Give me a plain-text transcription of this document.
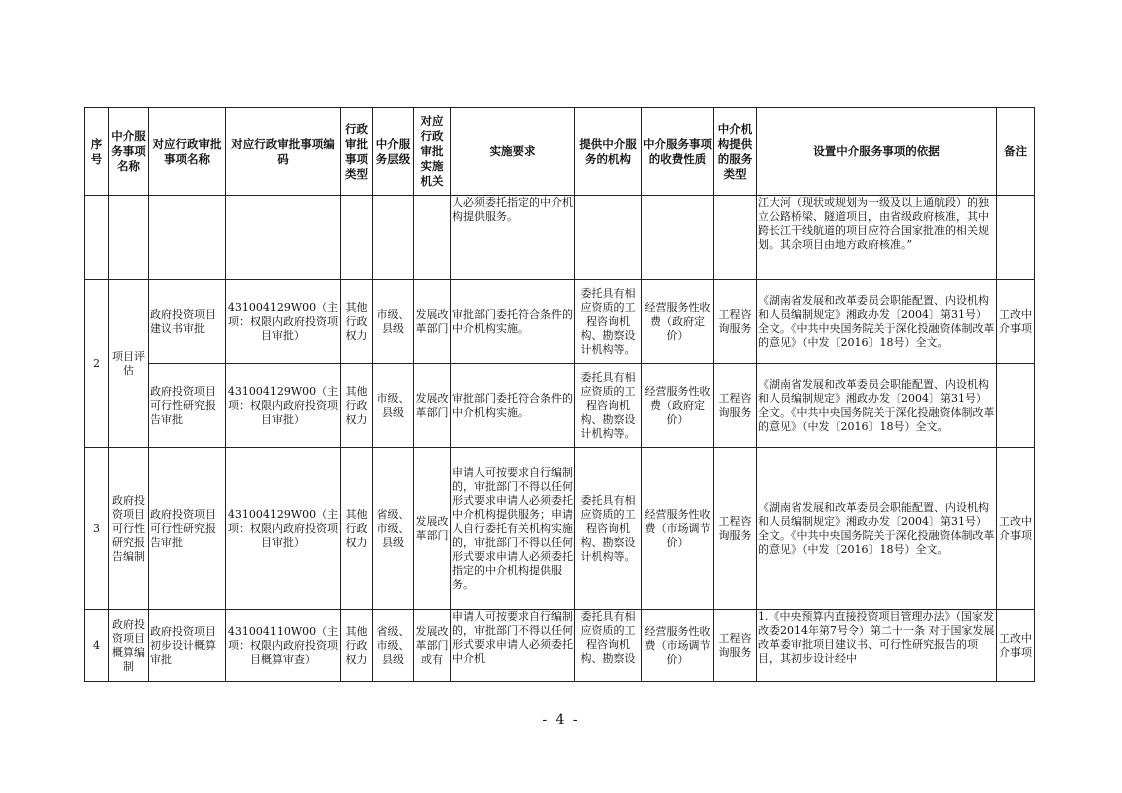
序号	中介服务事项名称	对应行政审批事项名称	对应行政审批事项编码	行政审批事项类型	中介服务层级	对应行政审批实施机关	实施要求	提供中介服务的机构	中介服务事项的收费性质	中介机构提供的服务类型	设置中介服务事项的依据	备注
							人必须委托指定的中介机构提供服务。				江大河（现状或规划为一级及以上通航段）的独立公路桥梁、隧道项目，由省级政府核准，其中跨长江干线航道的项目应符合国家批准的相关规划。其余项目由地方政府核准。”	
2	项目评估	政府投资项目建议书审批	431004129W00（主项：权限内政府投资项目审批）	其他行政权力	市级、县级	发展改革部门	审批部门委托符合条件的中介机构实施。	委托具有相应资质的工程咨询机构、勘察设计机构等。	经营服务性收费（政府定价）	工程咨询服务	《湖南省发展和改革委员会职能配置、内设机构和人员编制规定》湘政办发〔2004〕第31号）全文。《中共中央国务院关于深化投融资体制改革的意见》（中发〔2016〕18号）全文。	工改中介事项
		政府投资项目可行性研究报告审批	431004129W00（主项：权限内政府投资项目审批）	其他行政权力	市级、县级	发展改革部门	审批部门委托符合条件的中介机构实施。	委托具有相应资质的工程咨询机构、勘察设计机构等。	经营服务性收费（政府定价）	工程咨询服务	《湖南省发展和改革委员会职能配置、内设机构和人员编制规定》湘政办发〔2004〕第31号）全文。《中共中央国务院关于深化投融资体制改革的意见》（中发〔2016〕18号）全文。	
3	政府投资项目可行性研究报告编制	政府投资项目可行性研究报告审批	431004129W00（主项：权限内政府投资项目审批）	其他行政权力	省级、市级、县级	发展改革部门	申请人可按要求自行编制的，审批部门不得以任何形式要求申请人必须委托中介机构提供服务；申请人自行委托有关机构实施的，审批部门不得以任何形式要求申请人必须委托指定的中介机构提供服务。	委托具有相应资质的工程咨询机构、勘察设计机构等。	经营服务性收费（市场调节价）	工程咨询服务	《湖南省发展和改革委员会职能配置、内设机构和人员编制规定》湘政办发〔2004〕第31号）全文。《中共中央国务院关于深化投融资体制改革的意见》（中发〔2016〕18号）全文。	工改中介事项
4	政府投资项目概算编制	政府投资项目初步设计概算审批	431004110W00（主项：权限内政府投资项目概算审查）	其他行政权力	省级、市级、县级	发展改革部门或有	申请人可按要求自行编制的，审批部门不得以任何形式要求申请人必须委托中介机	委托具有相应资质的工程咨询机构、勘察设	经营服务性收费（市场调节价）	工程咨询服务	1.《中央预算内直接投资项目管理办法》（国家发改委2014年第7号令）第二十一条 对于国家发展改革委审批项目建议书、可行性研究报告的项目，其初步设计经中	工改中介事项
- 4 -
